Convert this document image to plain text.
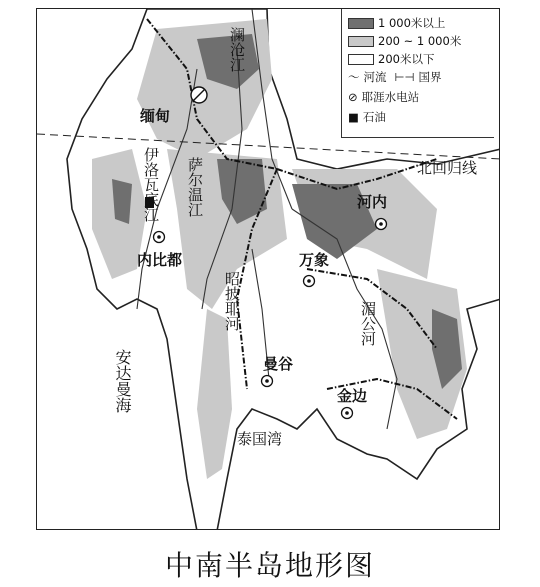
1 000米以上
200 ~ 1 000米
200米以下
〜 河流 ⊢⊣ 国界
⊘ 耶涯水电站
■ 石油
缅甸
北回归线
河内
万象
内比都
曼谷
金边
泰国湾
安达曼海
澜沧江
伊洛瓦底江 萨尔温江
昭披耶河	湄公河
中南半岛地形图
